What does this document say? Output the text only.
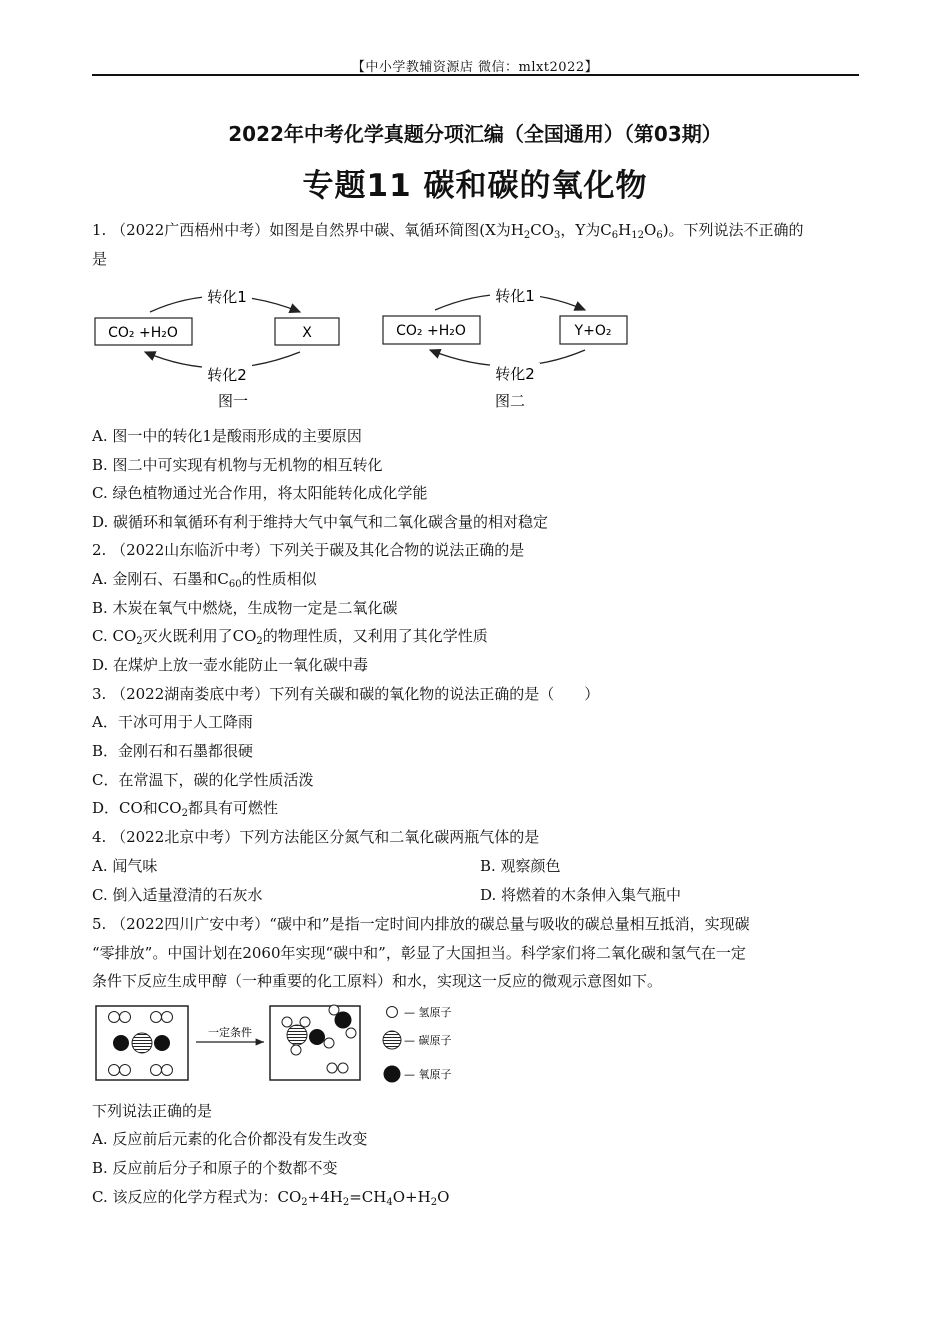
【中小学教辅资源店 微信：mlxt2022】
2022年中考化学真题分项汇编（全国通用）（第03期）
专题11 碳和碳的氧化物
1. （2022广西梧州中考）如图是自然界中碳、氧循环简图(X为$H_2CO_3$，Y为$C_6H_{12}O_6$)。下列说法不正确的
是
CO₂ +H₂O	X
转化1
转化2
图一
CO₂ +H₂O	Y+O₂
转化1
转化2
图二
A. 图一中的转化1是酸雨形成的主要原因
B. 图二中可实现有机物与无机物的相互转化
C. 绿色植物通过光合作用，将太阳能转化成化学能
D. 碳循环和氧循环有利于维持大气中氧气和二氧化碳含量的相对稳定
2. （2022山东临沂中考）下列关于碳及其化合物的说法正确的是
A. 金刚石、石墨和$C_{60}$的性质相似
B. 木炭在氧气中燃烧，生成物一定是二氧化碳
C. $CO_2$灭火既利用了$CO_2$的物理性质，又利用了其化学性质
D. 在煤炉上放一壶水能防止一氧化碳中毒
3. （2022湖南娄底中考）下列有关碳和碳的氧化物的说法正确的是（　　）
A．干冰可用于人工降雨
B．金刚石和石墨都很硬
C．在常温下，碳的化学性质活泼
D．CO和$CO_2$都具有可燃性
4. （2022北京中考）下列方法能区分氮气和二氧化碳两瓶气体的是
A. 闻气味	B. 观察颜色
C. 倒入适量澄清的石灰水	D. 将燃着的木条伸入集气瓶中
5. （2022四川广安中考）“碳中和”是指一定时间内排放的碳总量与吸收的碳总量相互抵消，实现碳
“零排放”。中国计划在2060年实现“碳中和”，彰显了大国担当。科学家们将二氧化碳和氢气在一定
条件下反应生成甲醇（一种重要的化工原料）和水，实现这一反应的微观示意图如下。
一定条件
— 氢原子
— 碳原子
— 氧原子
下列说法正确的是
A. 反应前后元素的化合价都没有发生改变
B. 反应前后分子和原子的个数都不变
C. 该反应的化学方程式为：$CO_2+4H_2=CH_4O+H_2O$
